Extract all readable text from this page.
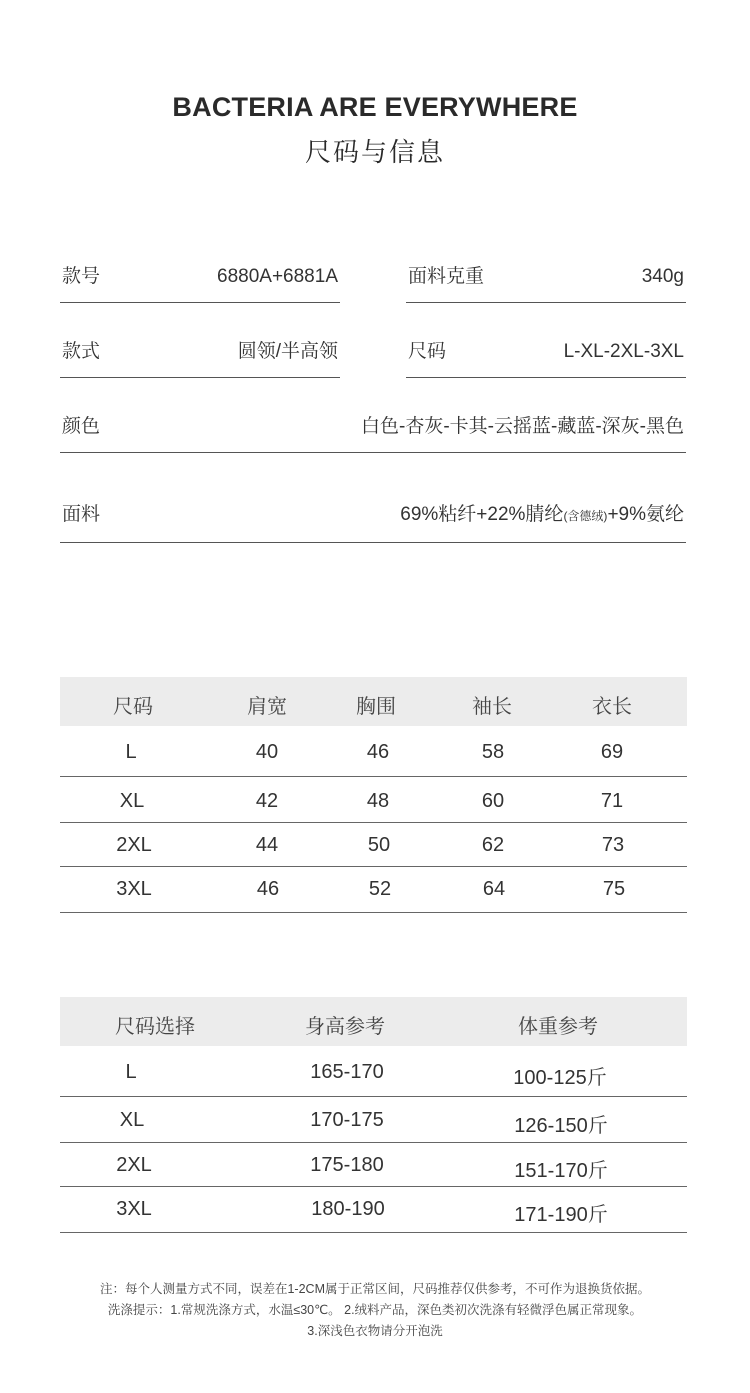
BACTERIA ARE EVERYWHERE
尺码与信息
款号	6880A+6881A	面料克重	340g
款式	圆领/半高领	尺码	L-XL-2XL-3XL
颜色	白色-杏灰-卡其-云摇蓝-藏蓝-深灰-黑色
面料	69%粘纤+22%腈纶(含德绒)+9%氨纶
尺码	肩宽	胸围	袖长	衣长
L	40	46	58	69
XL	42	48	60	71
2XL	44	50	62	73
3XL	46	52	64	75
尺码选择	身高参考	体重参考
L	165-170	100-125斤
XL	170-175	126-150斤
2XL	175-180	151-170斤
3XL	180-190	171-190斤
注：每个人测量方式不同，误差在1-2CM属于正常区间，尺码推荐仅供参考，不可作为退换货依据。
洗涤提示：1.常规洗涤方式，水温≤30℃。 2.绒料产品，深色类初次洗涤有轻微浮色属正常现象。
3.深浅色衣物请分开泡洗
